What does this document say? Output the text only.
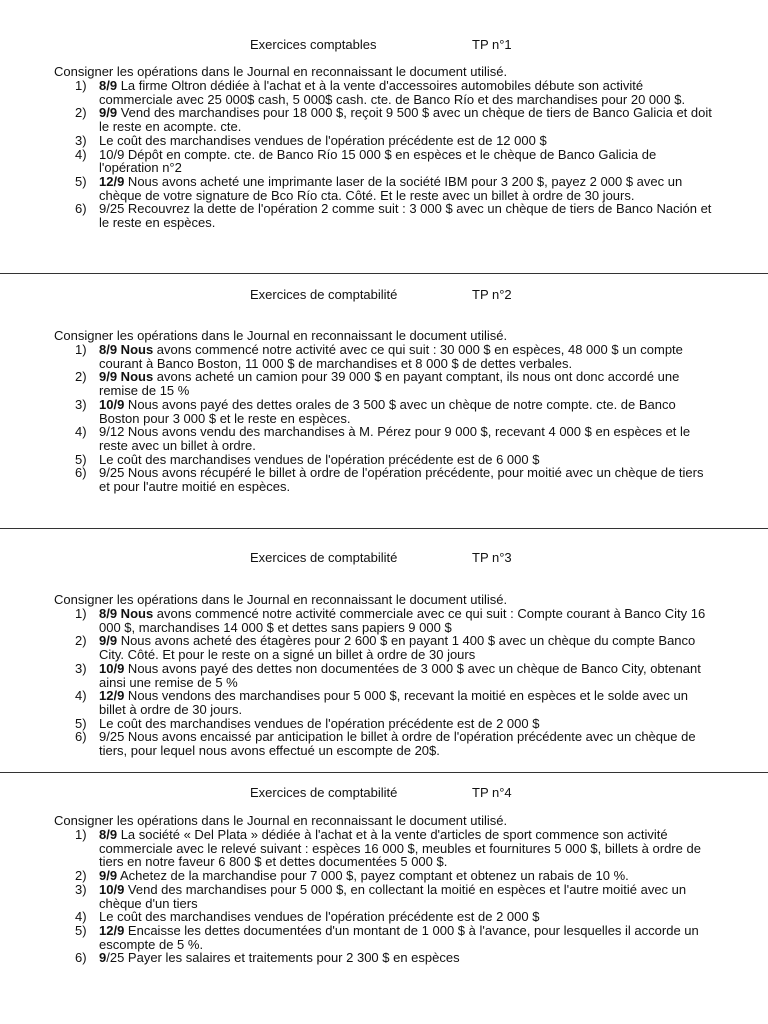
Exercices comptables	TP n°1
Consigner les opérations dans le Journal en reconnaissant le document utilisé.
1) 8/9 La firme Oltron dédiée à l'achat et à la vente d'accessoires automobiles débute son activité commerciale avec 25 000$ cash, 5 000$ cash. cte. de Banco Río et des marchandises pour 20 000 $.
2) 9/9 Vend des marchandises pour 18 000 $, reçoit 9 500 $ avec un chèque de tiers de Banco Galicia et doit le reste en acompte. cte.
3) Le coût des marchandises vendues de l'opération précédente est de 12 000 $
4) 10/9 Dépôt en compte. cte. de Banco Río 15 000 $ en espèces et le chèque de Banco Galicia de l'opération n°2
5) 12/9 Nous avons acheté une imprimante laser de la société IBM pour 3 200 $, payez 2 000 $ avec un chèque de votre signature de Bco Río cta. Côté. Et le reste avec un billet à ordre de 30 jours.
6) 9/25 Recouvrez la dette de l'opération 2 comme suit : 3 000 $ avec un chèque de tiers de Banco Nación et le reste en espèces.
Exercices de comptabilité	TP n°2
Consigner les opérations dans le Journal en reconnaissant le document utilisé.
1) 8/9 Nous avons commencé notre activité avec ce qui suit : 30 000 $ en espèces, 48 000 $ un compte courant à Banco Boston, 11 000 $ de marchandises et 8 000 $ de dettes verbales.
2) 9/9 Nous avons acheté un camion pour 39 000 $ en payant comptant, ils nous ont donc accordé une remise de 15 %
3) 10/9 Nous avons payé des dettes orales de 3 500 $ avec un chèque de notre compte. cte. de Banco Boston pour 3 000 $ et le reste en espèces.
4) 9/12 Nous avons vendu des marchandises à M. Pérez pour 9 000 $, recevant 4 000 $ en espèces et le reste avec un billet à ordre.
5) Le coût des marchandises vendues de l'opération précédente est de 6 000 $
6) 9/25 Nous avons récupéré le billet à ordre de l'opération précédente, pour moitié avec un chèque de tiers et pour l'autre moitié en espèces.
Exercices de comptabilité	TP n°3
Consigner les opérations dans le Journal en reconnaissant le document utilisé.
1) 8/9 Nous avons commencé notre activité commerciale avec ce qui suit : Compte courant à Banco City 16 000 $, marchandises 14 000 $ et dettes sans papiers 9 000 $
2) 9/9 Nous avons acheté des étagères pour 2 600 $ en payant 1 400 $ avec un chèque du compte Banco City. Côté. Et pour le reste on a signé un billet à ordre de 30 jours
3) 10/9 Nous avons payé des dettes non documentées de 3 000 $ avec un chèque de Banco City, obtenant ainsi une remise de 5 %
4) 12/9 Nous vendons des marchandises pour 5 000 $, recevant la moitié en espèces et le solde avec un billet à ordre de 30 jours.
5) Le coût des marchandises vendues de l'opération précédente est de 2 000 $
6) 9/25 Nous avons encaissé par anticipation le billet à ordre de l'opération précédente avec un chèque de tiers, pour lequel nous avons effectué un escompte de 20$.
Exercices de comptabilité	TP n°4
Consigner les opérations dans le Journal en reconnaissant le document utilisé.
1) 8/9 La société « Del Plata » dédiée à l'achat et à la vente d'articles de sport commence son activité commerciale avec le relevé suivant : espèces 16 000 $, meubles et fournitures 5 000 $, billets à ordre de tiers en notre faveur 6 800 $ et dettes documentées 5 000 $.
2) 9/9 Achetez de la marchandise pour 7 000 $, payez comptant et obtenez un rabais de 10 %.
3) 10/9 Vend des marchandises pour 5 000 $, en collectant la moitié en espèces et l'autre moitié avec un chèque d'un tiers
4) Le coût des marchandises vendues de l'opération précédente est de 2 000 $
5) 12/9 Encaisse les dettes documentées d'un montant de 1 000 $ à l'avance, pour lesquelles il accorde un escompte de 5 %.
6) 9/25 Payer les salaires et traitements pour 2 300 $ en espèces
